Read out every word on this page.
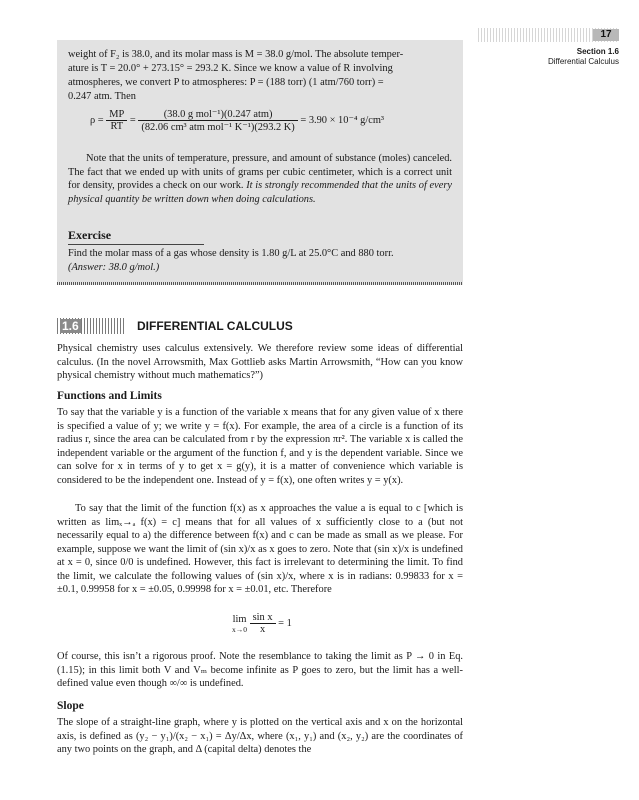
17
Section 1.6
Differential Calculus
weight of F₂ is 38.0, and its molar mass is M = 38.0 g/mol. The absolute temper-
ature is T = 20.0° + 273.15° = 293.2 K. Since we know a value of R involving
atmospheres, we convert P to atmospheres: P = (188 torr) (1 atm/760 torr) =
0.247 atm. Then
$\rho = \frac{MP}{RT} = \frac{\text{(38.0 g mol⁻¹)(0.247 atm)}}{\text{(82.06 cm³ atm mol⁻¹ K⁻¹)(293.2 K)}} = 3.90 \times 10^{-4}$ g/cm³

Note that the units of temperature, pressure, and amount of substance (moles) canceled. The fact that we ended up with units of grams per cubic centimeter, which is a correct unit for density, provides a check on our work. It is strongly recommended that the units of every physical quantity be written down when doing calculations.

Exercise

Find the molar mass of a gas whose density is 1.80 g/L at 25.0°C and 880 torr.

(Answer: 38.0 g/mol.)

1.6	DIFFERENTIAL CALCULUS

Physical chemistry uses calculus extensively. We therefore review some ideas of differential calculus. (In the novel Arrowsmith, Max Gottlieb asks Martin Arrowsmith, “How can you know physical chemistry without much mathematics?”)

Functions and Limits

To say that the variable y is a function of the variable x means that for any given value of x there is specified a value of y; we write y = f(x). For example, the area of a circle is a function of its radius r, since the area can be calculated from r by the expression πr². The variable x is called the independent variable or the argument of the function f, and y is the dependent variable. Since we can solve for x in terms of y to get x = g(y), it is a matter of convenience which variable is considered to be the independent one. Instead of y = f(x), one often writes y = y(x).

To say that the limit of the function f(x) as x approaches the value a is equal to c [which is written as limₓ→ₐ f(x) = c] means that for all values of x sufficiently close to a (but not necessarily equal to a) the difference between f(x) and c can be made as small as we please. For example, suppose we want the limit of (sin x)/x as x goes to zero. Note that (sin x)/x is undefined at x = 0, since 0/0 is undefined. However, this fact is irrelevant to determining the limit. To find the limit, we calculate the following values of (sin x)/x, where x is in radians: 0.99833 for x = ±0.1, 0.99958 for x = ±0.05, 0.99998 for x = ±0.01, etc. Therefore

lim
x→0
$\frac{\text{sin x}}{x} = 1$

Of course, this isn’t a rigorous proof. Note the resemblance to taking the limit as P → 0 in Eq. (1.15); in this limit both V and Vₘ become infinite as P goes to zero, but the limit has a well-defined value even though ∞/∞ is undefined.

Slope

The slope of a straight-line graph, where y is plotted on the vertical axis and x on the horizontal axis, is defined as (y₂ − y₁)/(x₂ − x₁) = Δy/Δx, where (x₁, y₁) and (x₂, y₂) are the coordinates of any two points on the graph, and Δ (capital delta) denotes the
